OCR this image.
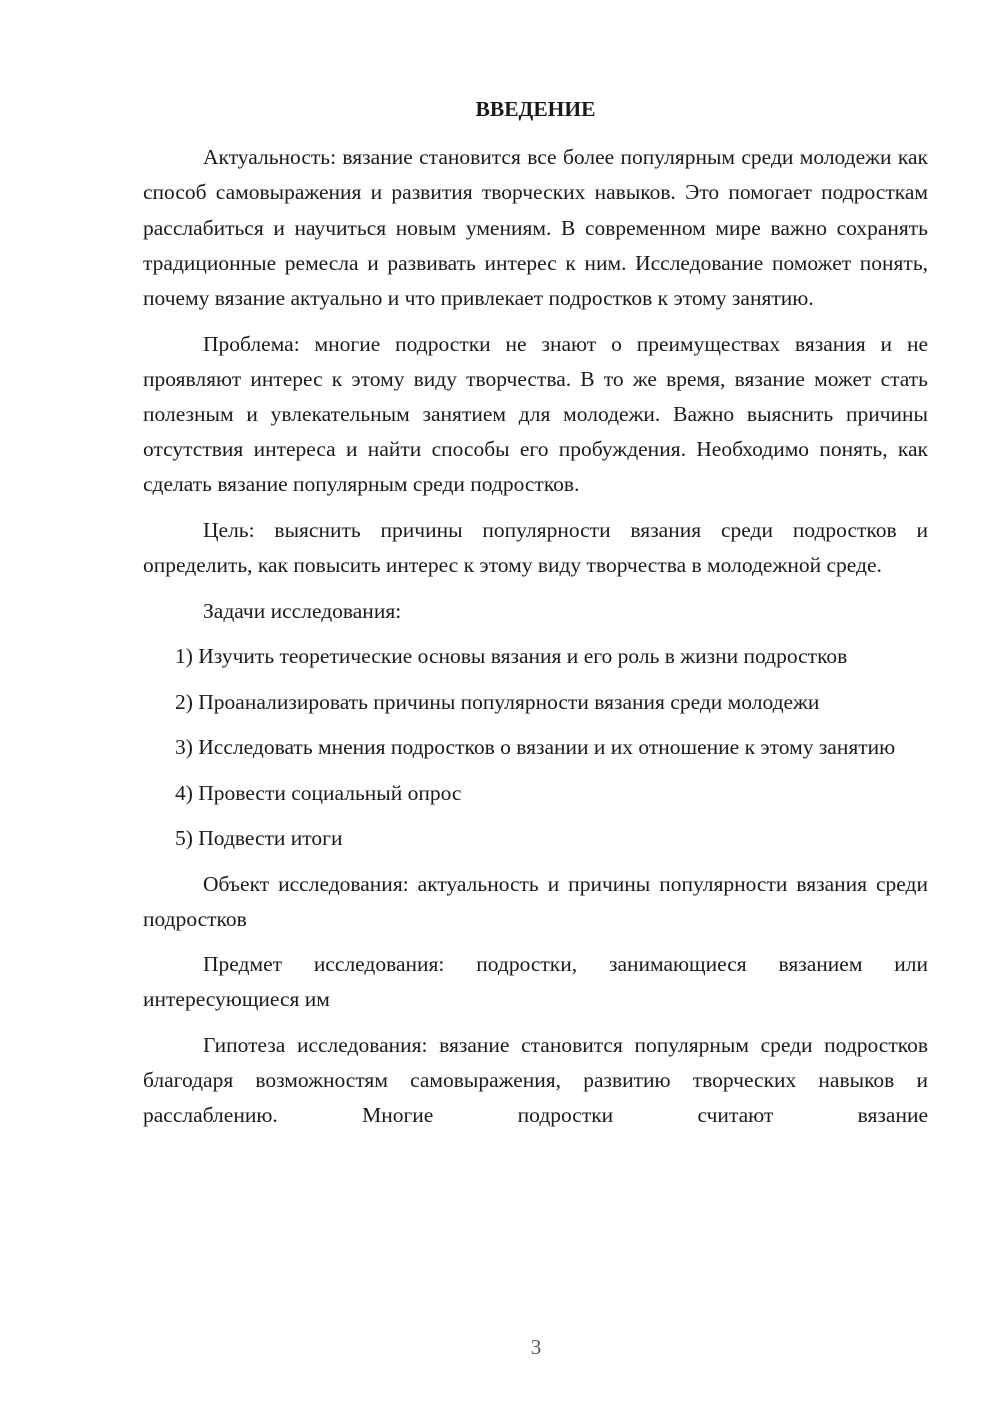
ВВЕДЕНИЕ

Актуальность: вязание становится все более популярным среди молодежи как способ самовыражения и развития творческих навыков. Это помогает подросткам расслабиться и научиться новым умениям. В современном мире важно сохранять традиционные ремесла и развивать интерес к ним. Исследование поможет понять, почему вязание актуально и что привлекает подростков к этому занятию.

Проблема: многие подростки не знают о преимуществах вязания и не проявляют интерес к этому виду творчества. В то же время, вязание может стать полезным и увлекательным занятием для молодежи. Важно выяснить причины отсутствия интереса и найти способы его пробуждения. Необходимо понять, как сделать вязание популярным среди подростков.

Цель: выяснить причины популярности вязания среди подростков и определить, как повысить интерес к этому виду творчества в молодежной среде.

Задачи исследования:

1) Изучить теоретические основы вязания и его роль в жизни подростков

2) Проанализировать причины популярности вязания среди молодежи

3) Исследовать мнения подростков о вязании и их отношение к этому занятию

4) Провести социальный опрос

5) Подвести итоги

Объект исследования: актуальность и причины популярности вязания среди подростков

Предмет исследования: подростки, занимающиеся вязанием или интересующиеся им

Гипотеза исследования: вязание становится популярным среди подростков благодаря возможностям самовыражения, развитию творческих навыков и расслаблению. Многие подростки считают вязание

3
